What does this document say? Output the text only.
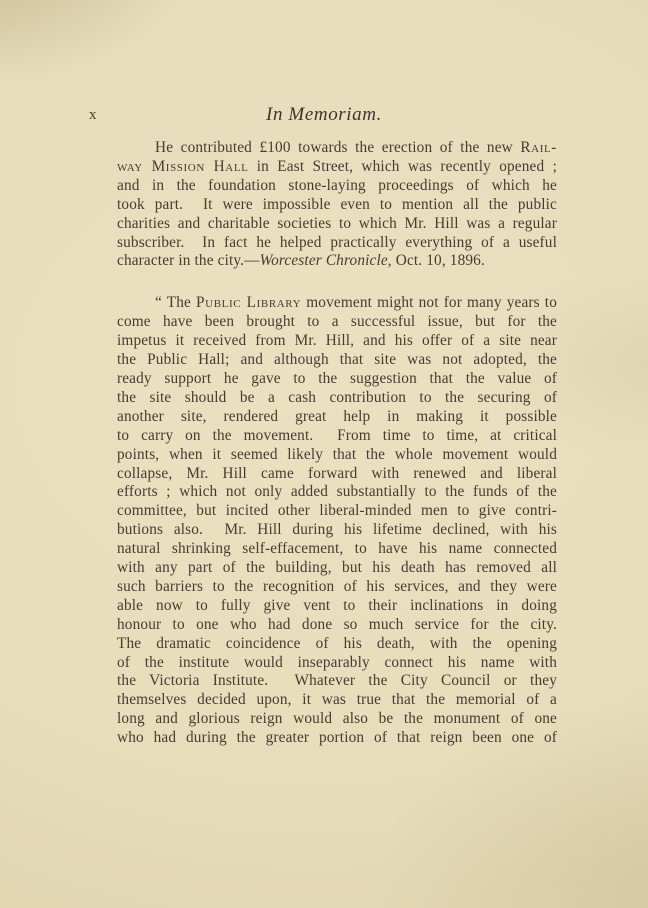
x	In Memoriam.
He contributed £100 towards the erection of the new Rail-
way Mission Hall in East Street, which was recently opened ;
and in the foundation stone-laying proceedings of which he
took part.  It were impossible even to mention all the public
charities and charitable societies to which Mr. Hill was a regular
subscriber.  In fact he helped practically everything of a useful
character in the city.—Worcester Chronicle, Oct. 10, 1896.
“ The Public Library movement might not for many years to
come have been brought to a successful issue, but for the
impetus it received from Mr. Hill, and his offer of a site near
the Public Hall; and although that site was not adopted, the
ready support he gave to the suggestion that the value of
the site should be a cash contribution to the securing of
another site, rendered great help in making it possible
to carry on the movement.  From time to time, at critical
points, when it seemed likely that the whole movement would
collapse, Mr. Hill came forward with renewed and liberal
efforts ; which not only added substantially to the funds of the
committee, but incited other liberal-minded men to give contri-
butions also.  Mr. Hill during his lifetime declined, with his
natural shrinking self-effacement, to have his name connected
with any part of the building, but his death has removed all
such barriers to the recognition of his services, and they were
able now to fully give vent to their inclinations in doing
honour to one who had done so much service for the city.
The dramatic coincidence of his death, with the opening
of the institute would inseparably connect his name with
the Victoria Institute.  Whatever the City Council or they
themselves decided upon, it was true that the memorial of a
long and glorious reign would also be the monument of one
who had during the greater portion of that reign been one of
